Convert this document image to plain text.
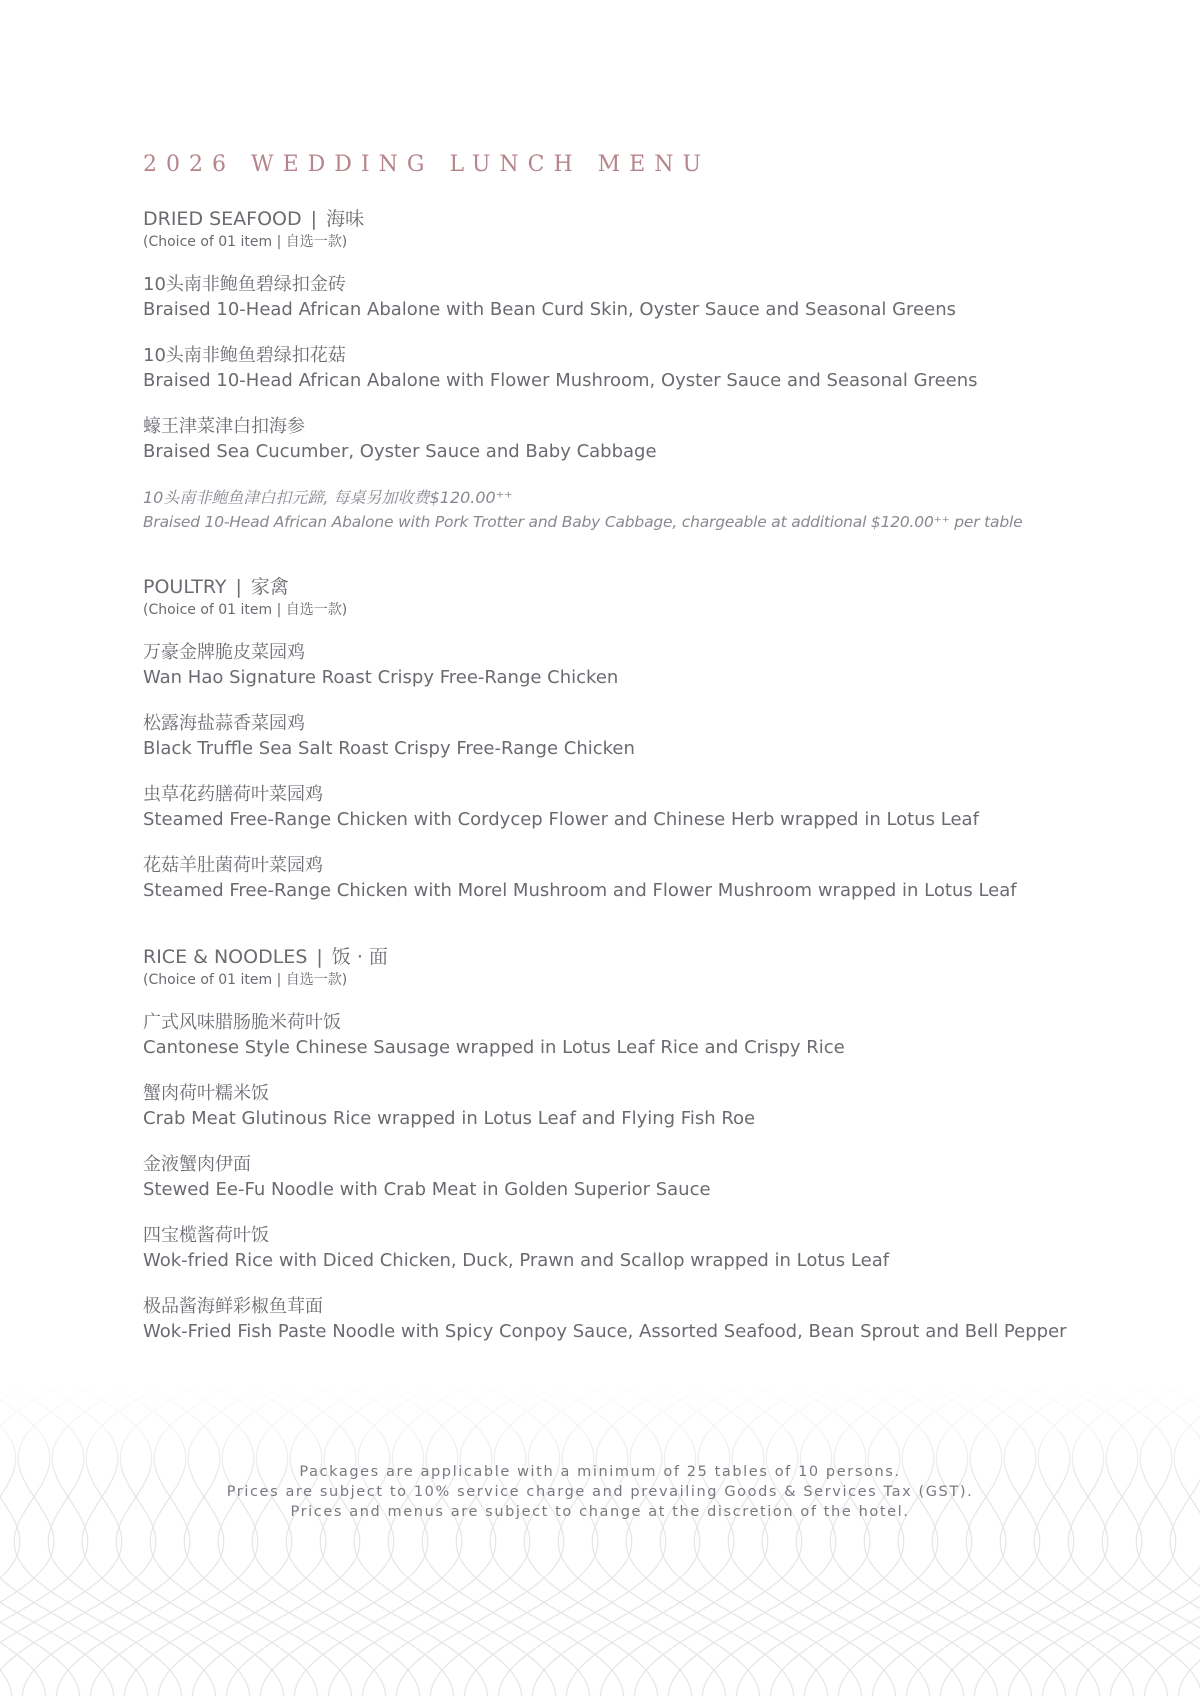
2026 WEDDING LUNCH MENU
DRIED SEAFOOD | 海味
(Choice of 01 item | 自选一款)
10头南非鲍鱼碧绿扣金砖
Braised 10-Head African Abalone with Bean Curd Skin, Oyster Sauce and Seasonal Greens
10头南非鲍鱼碧绿扣花菇
Braised 10-Head African Abalone with Flower Mushroom, Oyster Sauce and Seasonal Greens
蠔王津菜津白扣海参
Braised Sea Cucumber, Oyster Sauce and Baby Cabbage
10头南非鲍鱼津白扣元蹄, 每桌另加收费$120.00⁺⁺
Braised 10-Head African Abalone with Pork Trotter and Baby Cabbage, chargeable at additional $120.00⁺⁺ per table
POULTRY | 家禽
(Choice of 01 item | 自选一款)
万豪金牌脆皮菜园鸡
Wan Hao Signature Roast Crispy Free-Range Chicken
松露海盐蒜香菜园鸡
Black Truffle Sea Salt Roast Crispy Free-Range Chicken
虫草花药膳荷叶菜园鸡
Steamed Free-Range Chicken with Cordycep Flower and Chinese Herb wrapped in Lotus Leaf
花菇羊肚菌荷叶菜园鸡
Steamed Free-Range Chicken with Morel Mushroom and Flower Mushroom wrapped in Lotus Leaf
RICE & NOODLES | 饭 · 面
(Choice of 01 item | 自选一款)
广式风味腊肠脆米荷叶饭
Cantonese Style Chinese Sausage wrapped in Lotus Leaf Rice and Crispy Rice
蟹肉荷叶糯米饭
Crab Meat Glutinous Rice wrapped in Lotus Leaf and Flying Fish Roe
金液蟹肉伊面
Stewed Ee-Fu Noodle with Crab Meat in Golden Superior Sauce
四宝榄酱荷叶饭
Wok-fried Rice with Diced Chicken, Duck, Prawn and Scallop wrapped in Lotus Leaf
极品酱海鲜彩椒鱼茸面
Wok-Fried Fish Paste Noodle with Spicy Conpoy Sauce, Assorted Seafood, Bean Sprout and Bell Pepper
Packages are applicable with a minimum of 25 tables of 10 persons.
Prices are subject to 10% service charge and prevailing Goods & Services Tax (GST).
Prices and menus are subject to change at the discretion of the hotel.
